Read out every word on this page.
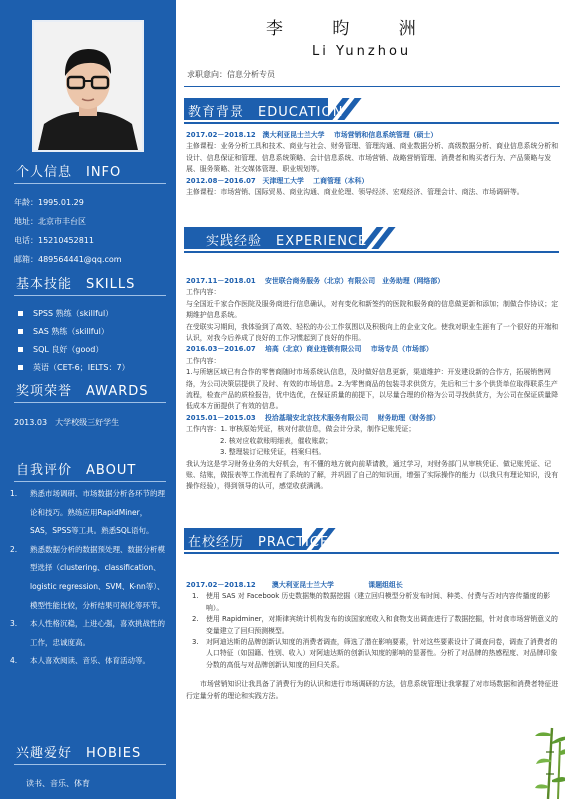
个人信息　INFO
年龄：1995.01.29
地址：北京市丰台区
电话：15210452811
邮箱：489564441@qq.com
基本技能　SKILLS
SPSS 熟练（skillful）
SAS 熟练（skillful）
SQL 良好（good）
英语（CET-6；IELTS：7）
奖项荣誉　AWARDS
2013.03　大学校级三好学生
自我评价　ABOUT
1. 熟悉市场调研、市场数据分析各环节的理论和技巧。熟练应用RapidMiner，SAS，SPSS等工具。熟悉SQL语句。
2. 熟悉数据分析的数据预处理、数据分析模型选择（clustering、classification、logistic regression、SVM、K-nn等）、模型性能比较，分析结果可视化等环节。
3. 本人性格沉稳，上进心强，喜欢挑战性的工作，忠诚度高。
4. 本人喜欢阅读、音乐、体育活动等。
兴趣爱好　HOBIES
读书、音乐、体育
李 昀 洲
Li Yunzhou
求职意向：信息分析专员
教育背景　EDUCATION
2017.02－2018.12　澳大利亚昆士兰大学　 市场营销和信息系统管理（硕士）
主修课程：业务分析工具和技术、商业与社会、财务管理、管理沟通、商业数据分析、高级数据分析、商业信息系统分析和设计、信息保证和管理、信息系统策略、会计信息系统、市场营销、战略营销管理、消费者和购买者行为、产品策略与发展、服务策略、社交媒体管理、职业规划等。
2012.08－2016.07　天津理工大学　 工商管理（本科）
主修课程：市场营销、国际贸易、商业沟通、商业伦理、领导经济、宏观经济、管理会计、商法、市场调研等。
实践经验　EXPERIENCE
2017.11－2018.01　 安世联合商务服务（北京）有限公司　业务助理（网络部）
工作内容：
与全国近千家合作医院及服务商进行信息确认，对有变化和新签约的医院和服务商的信息做更新和添加；制做合作协议；定期维护信息系统。
在受联实习期间，我体验到了高效、轻松的办公工作氛围以及积极向上的企业文化。使我对职业生涯有了一个很好的开端和认识，对我今后养成了良好的工作习惯起到了良好的作用。
2016.03－2016.07　 培高（北京）商业连锁有限公司　 市场专员（市场部）
工作内容：
1.与所辖区域已有合作的零售商随时市场系统认信息，及时做好信息更新，渠道维护：开发建设新的合作方，拓展销售网络，为公司决策层提供了及时、有效的市场信息。2.为零售商品的包装寻求供货方，先后和三十多个供货单位取得联系生产流程，检查产品的质检报告，优中选优，在保证质量的前提下，以尽量合理的价格为公司寻找供货方，为公司在保证质量降低成本方面提供了有效的信息。
2015.01－2015.03　 投洽基瑞安北京技术服务有限公司　 财务助理（财务部）
工作内容：1. 审核原始凭证，核对付款信息，做会计分录，制作记账凭证；
2. 核对应收款账明细表，催收账款；
3. 整理装订记账凭证，档案归档。
我认为这是学习财务业务的大好机会，有不懂的地方就向前辈请教，通过学习，对财务部门从审核凭证、做记账凭证、记账、结账，做报表等工作流程有了系统的了解，并巩固了自己的知识面，增强了实际操作的能力（以我只有理论知识，没有操作经验），得到领导的认可，感觉收获满满。
在校经历　PRACTICE
2017.02－2018.12　　 澳大利亚昆士兰大学　　　　　课题组组长
1. 使用 SAS 对 Facebook 历史数据集的数据挖掘（建立回归模型分析发布时间、种类、付费与否对内容传播度的影响）。
2. 使用 Rapidminer，对斯律宾统计机构发布的该国家庭收入和食物支出调查进行了数据挖掘，针对食市场营销意义的变量建立了回归预测模型。
3. 对阿迪达斯的品牌创新认知度的消费者调查，筛选了潜在影响要素，针对这些要素设计了调查问卷，调查了消费者的人口特征（如国籍、性别、收入）对阿迪达斯的创新认知度的影响的显著性。分析了对品牌的热感程度、对品牌印象分数的高低与对品牌创新认知度的回归关系。
市场营销知识让我具备了消费行为的认识和进行市场调研的方法，信息系统管理让我掌握了对市场数据和消费者特征进行定量分析的理论和实践方法。
